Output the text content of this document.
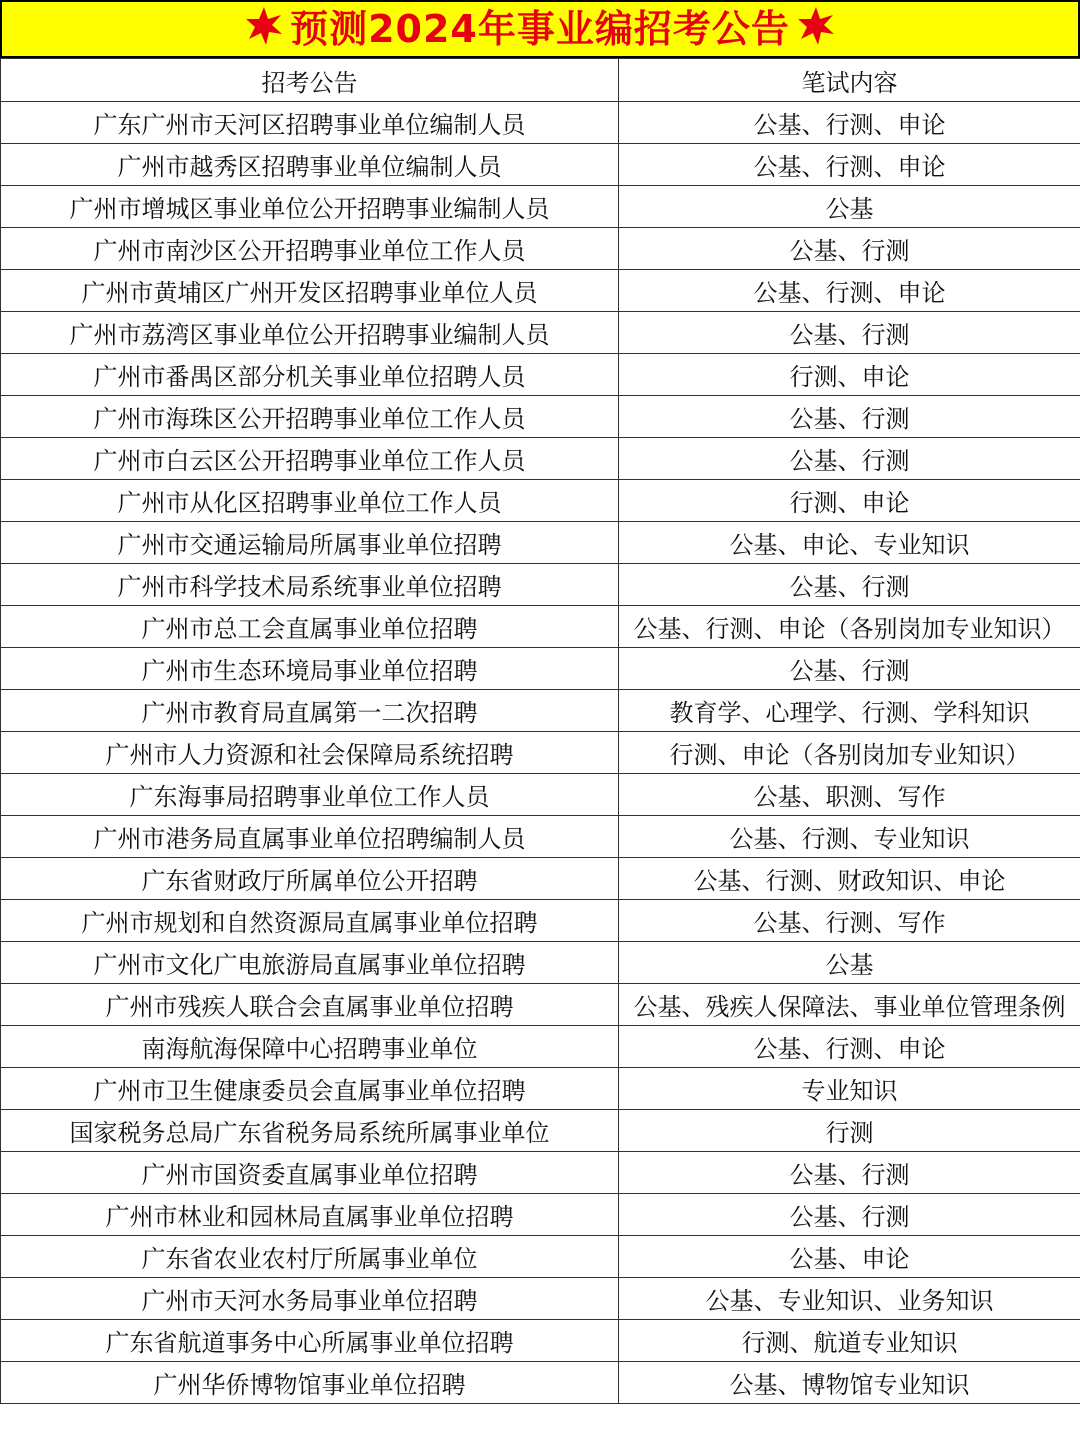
预测2024年事业编招考公告
招考公告	笔试内容
广东广州市天河区招聘事业单位编制人员	公基、行测、申论
广州市越秀区招聘事业单位编制人员	公基、行测、申论
广州市增城区事业单位公开招聘事业编制人员	公基
广州市南沙区公开招聘事业单位工作人员	公基、行测
广州市黄埔区广州开发区招聘事业单位人员	公基、行测、申论
广州市荔湾区事业单位公开招聘事业编制人员	公基、行测
广州市番禺区部分机关事业单位招聘人员	行测、申论
广州市海珠区公开招聘事业单位工作人员	公基、行测
广州市白云区公开招聘事业单位工作人员	公基、行测
广州市从化区招聘事业单位工作人员	行测、申论
广州市交通运输局所属事业单位招聘	公基、申论、专业知识
广州市科学技术局系统事业单位招聘	公基、行测
广州市总工会直属事业单位招聘	公基、行测、申论（各别岗加专业知识）
广州市生态环境局事业单位招聘	公基、行测
广州市教育局直属第一二次招聘	教育学、心理学、行测、学科知识
广州市人力资源和社会保障局系统招聘	行测、申论（各别岗加专业知识）
广东海事局招聘事业单位工作人员	公基、职测、写作
广州市港务局直属事业单位招聘编制人员	公基、行测、专业知识
广东省财政厅所属单位公开招聘	公基、行测、财政知识、申论
广州市规划和自然资源局直属事业单位招聘	公基、行测、写作
广州市文化广电旅游局直属事业单位招聘	公基
广州市残疾人联合会直属事业单位招聘	公基、残疾人保障法、事业单位管理条例
南海航海保障中心招聘事业单位	公基、行测、申论
广州市卫生健康委员会直属事业单位招聘	专业知识
国家税务总局广东省税务局系统所属事业单位	行测
广州市国资委直属事业单位招聘	公基、行测
广州市林业和园林局直属事业单位招聘	公基、行测
广东省农业农村厅所属事业单位	公基、申论
广州市天河水务局事业单位招聘	公基、专业知识、业务知识
广东省航道事务中心所属事业单位招聘	行测、航道专业知识
广州华侨博物馆事业单位招聘	公基、博物馆专业知识
